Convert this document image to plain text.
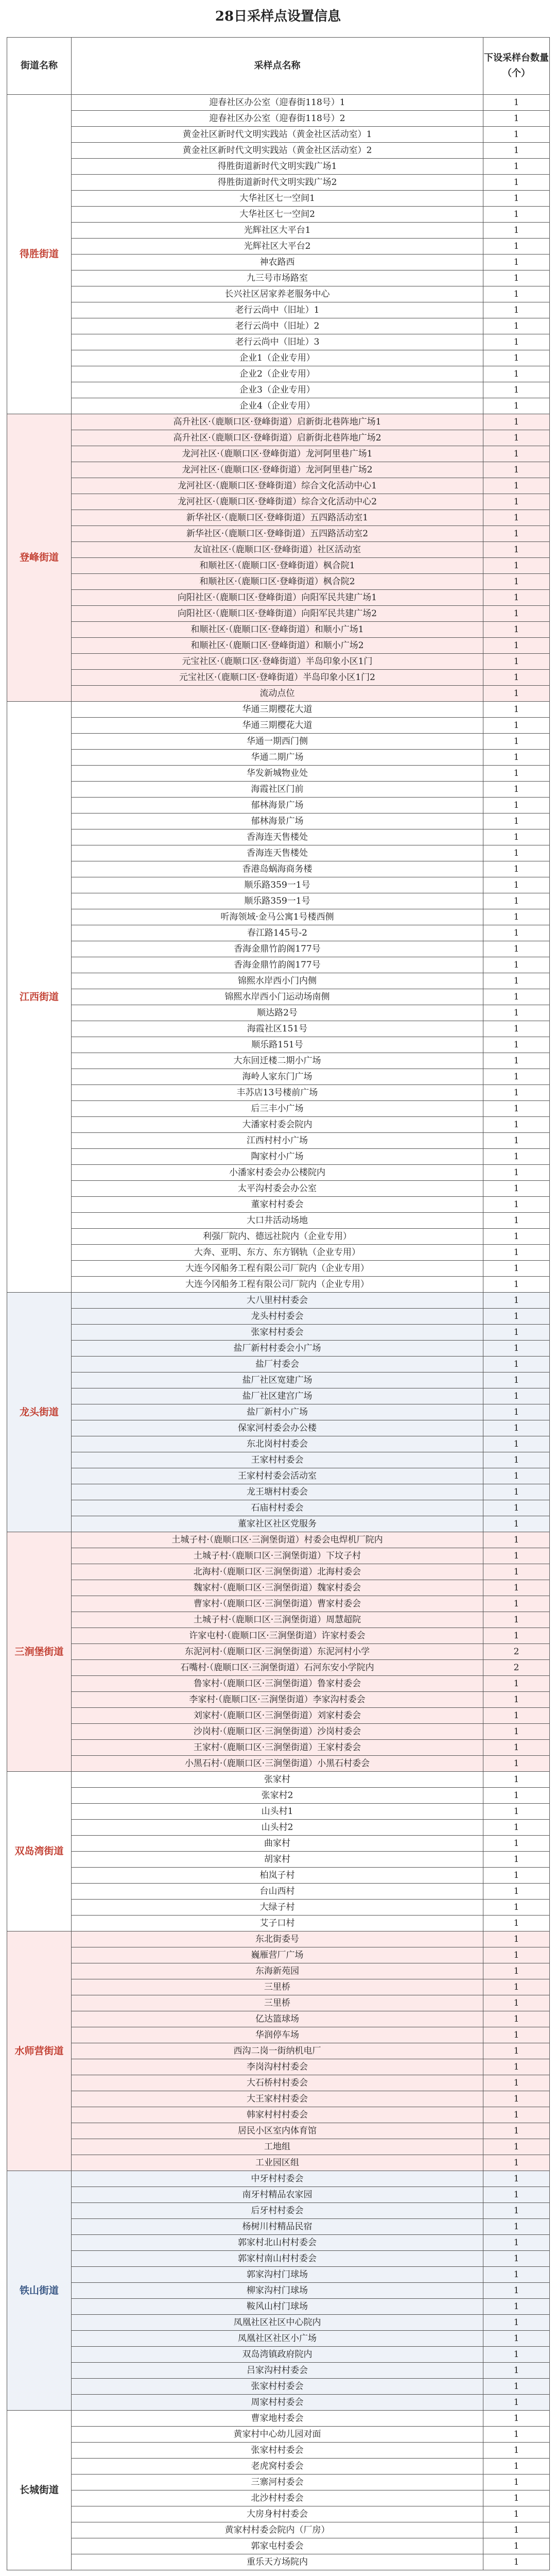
28日采样点设置信息
街道名称	采样点名称	下设采样台数量（个）
得胜街道	迎春社区办公室（迎春街118号）1	1
	迎春社区办公室（迎春街118号）2	1
	黄金社区新时代文明实践站（黄金社区活动室）1	1
	黄金社区新时代文明实践站（黄金社区活动室）2	1
	得胜街道新时代文明实践广场1	1
	得胜街道新时代文明实践广场2	1
	大华社区七一空间1	1
	大华社区七一空间2	1
	光辉社区大平台1	1
	光辉社区大平台2	1
	神农路西	1
	九三号市场路室	1
	长兴社区居家养老服务中心	1
	老行云尚中（旧址）1	1
	老行云尚中（旧址）2	1
	老行云尚中（旧址）3	1
	企业1（企业专用）	1
	企业2（企业专用）	1
	企业3（企业专用）	1
	企业4（企业专用）	1
登峰街道	高升社区·（鹿顺口区·登峰街道）启新街北巷阵地广场1	1
	高升社区·（鹿顺口区·登峰街道）启新街北巷阵地广场2	1
	龙河社区·（鹿顺口区·登峰街道）龙河阿里巷广场1	1
	龙河社区·（鹿顺口区·登峰街道）龙河阿里巷广场2	1
	龙河社区·（鹿顺口区·登峰街道）综合文化活动中心1	1
	龙河社区·（鹿顺口区·登峰街道）综合文化活动中心2	1
	新华社区·（鹿顺口区·登峰街道）五四路活动室1	1
	新华社区·（鹿顺口区·登峰街道）五四路活动室2	1
	友谊社区·（鹿顺口区·登峰街道）社区活动室	1
	和顺社区·（鹿顺口区·登峰街道）枫合院1	1
	和顺社区·（鹿顺口区·登峰街道）枫合院2	1
	向阳社区·（鹿顺口区·登峰街道）向阳军民共建广场1	1
	向阳社区·（鹿顺口区·登峰街道）向阳军民共建广场2	1
	和顺社区·（鹿顺口区·登峰街道）和顺小广场1	1
	和顺社区·（鹿顺口区·登峰街道）和顺小广场2	1
	元宝社区·（鹿顺口区·登峰街道）半岛印象小区1门	1
	元宝社区·（鹿顺口区·登峰街道）半岛印象小区1门2	1
	流动点位	1
江西街道	华通三期樱花大道	1
	华通三期樱花大道	1
	华通一期西门侧	1
	华通二期广场	1
	华发新城物业处	1
	海霞社区门前	1
	郁林海景广场	1
	郁林海景广场	1
	香海连天售楼处	1
	香海连天售楼处	1
	香港岛蜗海商务楼	1
	顺乐路359一1号	1
	顺乐路359一1号	1
	听海领域·金马公寓1号楼西侧	1
	春江路145号-2	1
	香海金鼎竹韵阁177号	1
	香海金鼎竹韵阁177号	1
	锦熙水岸西小门内侧	1
	锦熙水岸西小门运动场南侧	1
	顺达路2号	1
	海霞社区151号	1
	顺乐路151号	1
	大东回迁楼二期小广场	1
	海岭人家东门广场	1
	丰苏店13号楼前广场	1
	后三丰小广场	1
	大潘家村委会院内	1
	江西村村小广场	1
	陶家村小广场	1
	小潘家村委会办公楼院内	1
	太平沟村委会办公室	1
	董家村村委会	1
	大口井活动场地	1
	利强厂院内、德远社院内（企业专用）	1
	大奔、亚明、东方、东方钢轨（企业专用）	1
	大连今冈船务工程有限公司厂院内（企业专用）	1
	大连今冈船务工程有限公司厂院内（企业专用）	1
龙头街道	大八里村村委会	1
	龙头村村委会	1
	张家村村委会	1
	盐厂新村村委会小广场	1
	盐厂村委会	1
	盐厂社区宽建广场	1
	盐厂社区建宫广场	1
	盐厂新村小广场	1
	保家河村委会办公楼	1
	东北岗村村委会	1
	王家村村委会	1
	王家村村委会活动室	1
	龙王塘村村委会	1
	石庙村村委会	1
	董家社区社区党服务	1
三涧堡街道	土城子村·（鹿顺口区·三涧堡街道）村委会电焊机厂院内	1
	土城子村·（鹿顺口区·三涧堡街道）下坟子村	1
	北海村·（鹿顺口区·三涧堡街道）北海村委会	1
	魏家村·（鹿顺口区·三涧堡街道）魏家村委会	1
	曹家村·（鹿顺口区·三涧堡街道）曹家村委会	1
	土城子村·（鹿顺口区·三涧堡街道）周慧超院	1
	许家屯村·（鹿顺口区·三涧堡街道）许家村委会	1
	东泥河村·（鹿顺口区·三涧堡街道）东泥河村小学	2
	石嘴村·（鹿顺口区·三涧堡街道）石河东安小学院内	2
	鲁家村·（鹿顺口区·三涧堡街道）鲁家村委会	1
	李家村·（鹿顺口区·三涧堡街道）李家沟村委会	1
	刘家村·（鹿顺口区·三涧堡街道）刘家村委会	1
	沙岗村·（鹿顺口区·三涧堡街道）沙岗村委会	1
	王家村·（鹿顺口区·三涧堡街道）王家村委会	1
	小黑石村·（鹿顺口区·三涧堡街道）小黑石村委会	1
双岛湾街道	张家村	1
	张家村2	1
	山头村1	1
	山头村2	1
	曲家村	1
	胡家村	1
	柏岚子村	1
	台山西村	1
	大绿子村	1
	艾子口村	1
水师营街道	东北街委号	1
	巍雁营厂广场	1
	东海新苑园	1
	三里桥	1
	三里桥	1
	亿达篮球场	1
	华润停车场	1
	西沟二岗一街纳机电厂	1
	李岗沟村村委会	1
	大石桥村村委会	1
	大王家村村委会	1
	韩家村村村委会	1
	居民小区室内体育馆	1
	工地组	1
	工业园区组	1
铁山街道	中牙村村委会	1
	南牙村精品农家园	1
	后牙村村委会	1
	杨树川村精品民宿	1
	郭家村北山村村委会	1
	郭家村南山村村委会	1
	郭家沟村门球场	1
	柳家沟村门球场	1
	鞍风山村门球场	1
	凤凰社区社区中心院内	1
	凤凰社区社区小广场	1
	双岛湾镇政府院内	1
	吕家沟村村委会	1
	张家村村委会	1
	周家村村委会	1
长城街道	曹家地村委会	1
	黄家村中心幼儿园对面	1
	张家村村委会	1
	老虎窝村委会	1
	三寨河村委会	1
	北沙村村委会	1
	大房身村村委会	1
	黄家村村委会院内（厂房）	1
	郭家屯村委会	1
	重乐天方场院内	1
